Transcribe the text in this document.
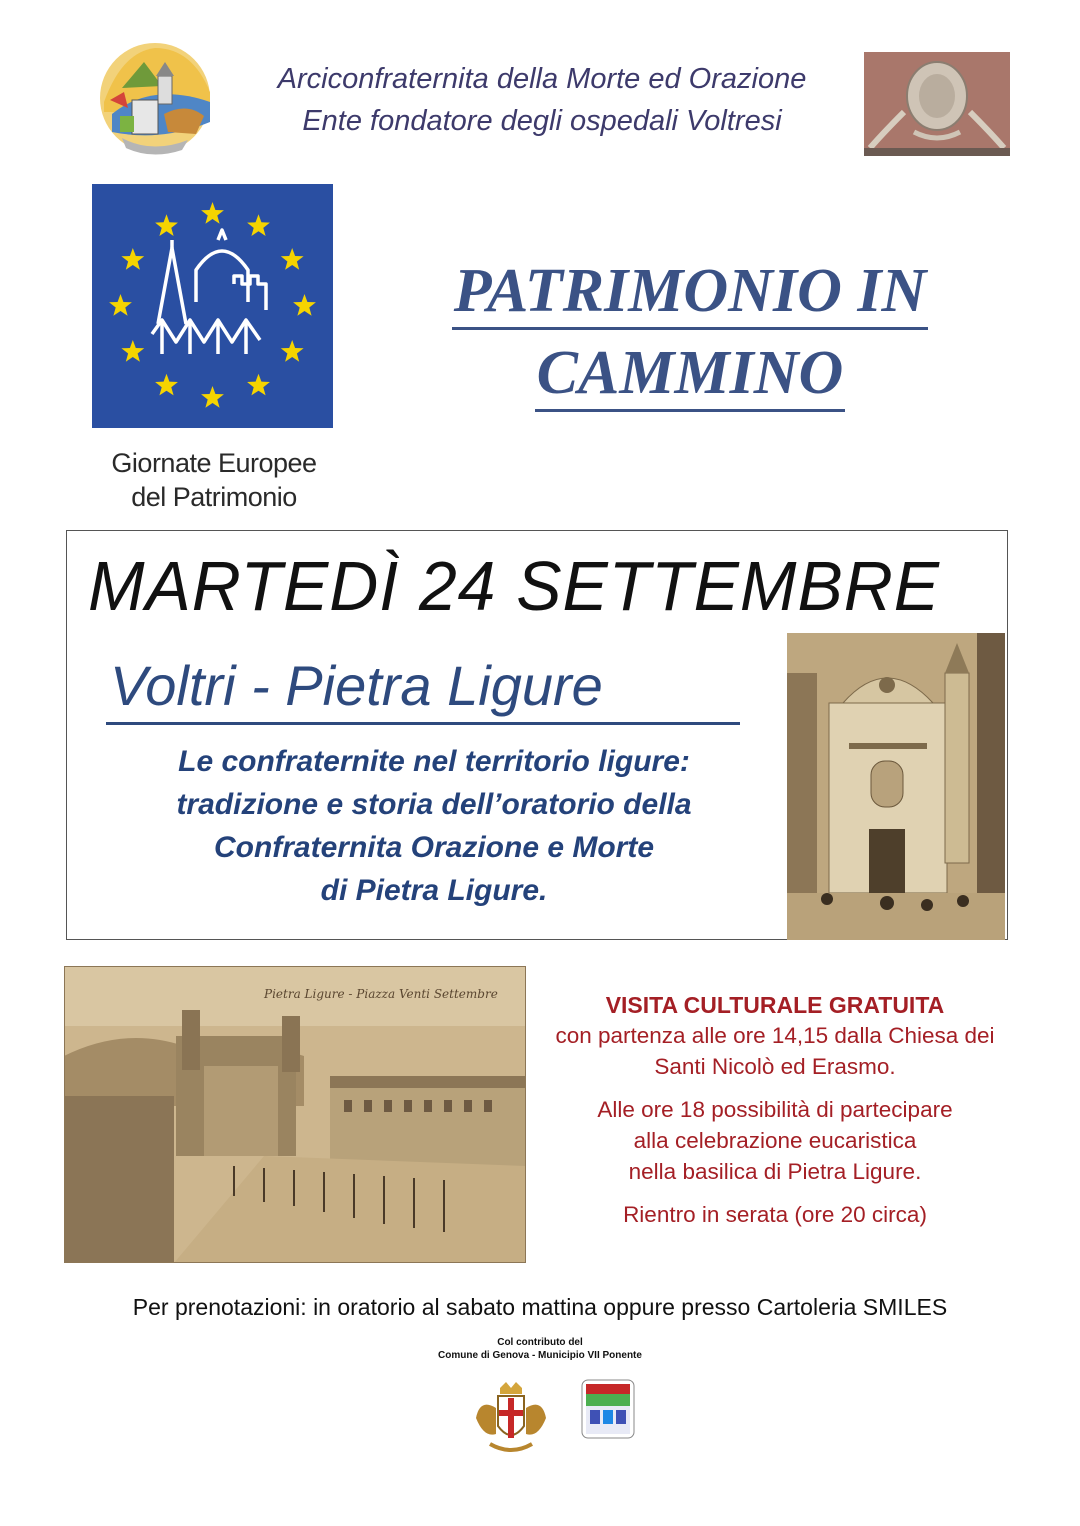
Arciconfraternita della Morte ed Orazione
Ente fondatore degli ospedali Voltresi
Giornate Europee
del Patrimonio
PATRIMONIO IN
CAMMINO
MARTEDÌ 24 SETTEMBRE
Voltri - Pietra Ligure
Le confraternite nel territorio ligure:
tradizione e storia dell’oratorio della
Confraternita Orazione e Morte
di Pietra Ligure.
Pietra Ligure - Piazza Venti Settembre	VISITA CULTURALE GRATUITA

con partenza alle ore 14,15 dalla Chiesa dei

Santi Nicolò ed Erasmo.

Alle ore 18 possibilità di partecipare

alla celebrazione eucaristica

nella basilica di Pietra Ligure.

Rientro in serata (ore 20 circa)

Per prenotazioni: in oratorio al sabato mattina oppure presso Cartoleria SMILES
Col contributo del
Comune di Genova - Municipio VII Ponente
